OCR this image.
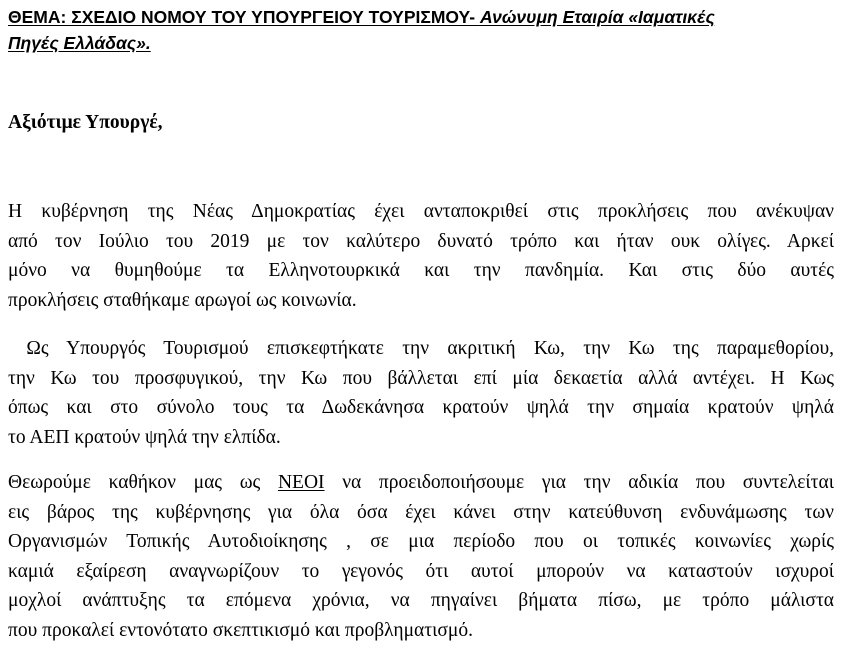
ΘΕΜΑ: ΣΧΕΔΙΟ ΝΟΜΟΥ ΤΟΥ ΥΠΟΥΡΓΕΙΟΥ ΤΟΥΡΙΣΜΟΥ- Ανώνυμη Εταιρία «Ιαματικές
Πηγές Ελλάδας».
Αξιότιμε Υπουργέ,
Η κυβέρνηση της Νέας Δημοκρατίας έχει ανταποκριθεί στις προκλήσεις που ανέκυψαν
από τον Ιούλιο του 2019 με τον καλύτερο δυνατό τρόπο και ήταν ουκ ολίγες. Αρκεί
μόνο να θυμηθούμε τα Ελληνοτουρκικά και την πανδημία. Και στις δύο αυτές
προκλήσεις σταθήκαμε αρωγοί ως κοινωνία.
Ως Υπουργός Τουρισμού επισκεφτήκατε την ακριτική Κω, την Κω της παραμεθορίου,
την Κω του προσφυγικού, την Κω που βάλλεται επί μία δεκαετία αλλά αντέχει. Η Κως
όπως και στο σύνολο τους τα Δωδεκάνησα κρατούν ψηλά την σημαία κρατούν ψηλά
το ΑΕΠ κρατούν ψηλά την ελπίδα.
Θεωρούμε καθήκον μας ως ΝΕΟΙ να προειδοποιήσουμε για την αδικία που συντελείται
εις βάρος της κυβέρνησης για όλα όσα έχει κάνει στην κατεύθυνση ενδυνάμωσης των
Οργανισμών Τοπικής Αυτοδιοίκησης , σε μια περίοδο που οι τοπικές κοινωνίες χωρίς
καμιά εξαίρεση αναγνωρίζουν το γεγονός ότι αυτοί μπορούν να καταστούν ισχυροί
μοχλοί ανάπτυξης τα επόμενα χρόνια, να πηγαίνει βήματα πίσω, με τρόπο μάλιστα
που προκαλεί εντονότατο σκεπτικισμό και προβληματισμό.
